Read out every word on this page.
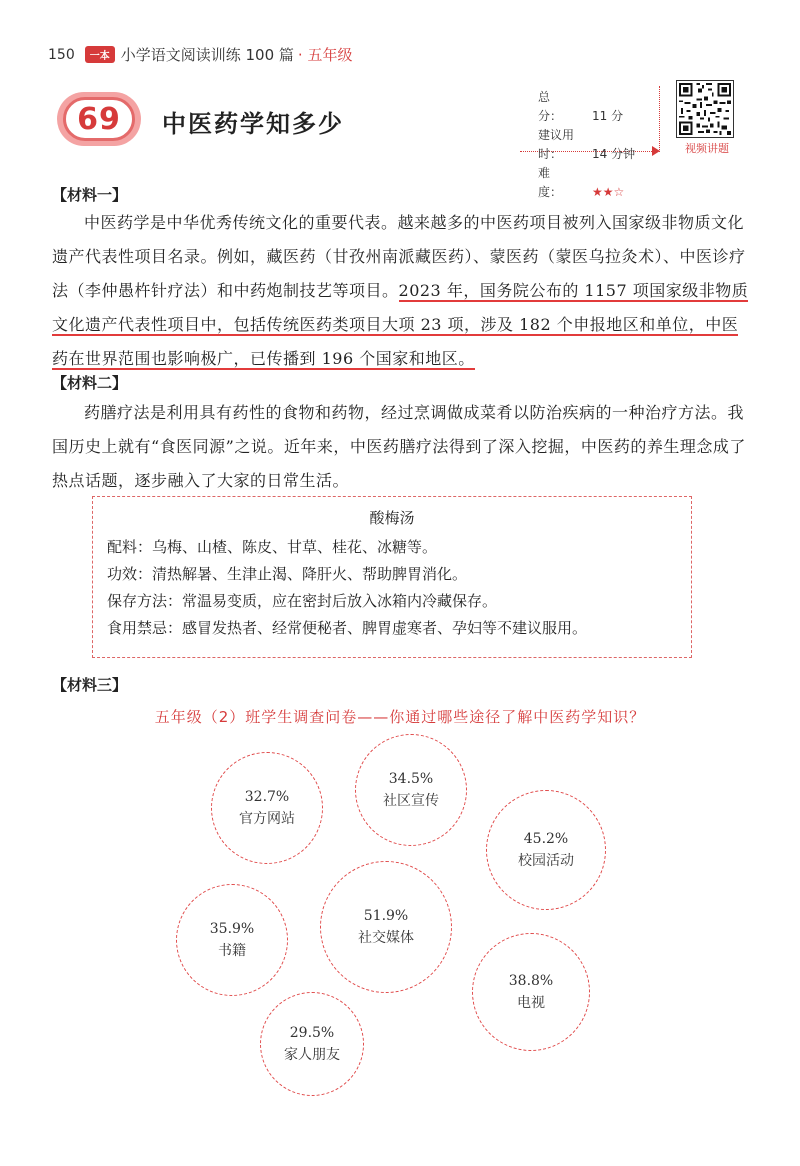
150	一本 小学语文阅读训练 100 篇 · 五年级
69 中医药学知多少
总　　分： 11 分
建议用时： 14 分钟
难　　度： ★★☆
视频讲题
【材料一】
中医药学是中华优秀传统文化的重要代表。越来越多的中医药项目被列入国家级非物质文化遗产代表性项目名录。例如，藏医药（甘孜州南派藏医药）、蒙医药（蒙医乌拉灸术）、中医诊疗法（李仲愚杵针疗法）和中药炮制技艺等项目。2023 年，国务院公布的 1157 项国家级非物质文化遗产代表性项目中，包括传统医药类项目大项 23 项，涉及 182 个申报地区和单位，中医药在世界范围也影响极广，已传播到 196 个国家和地区。
【材料二】
药膳疗法是利用具有药性的食物和药物，经过烹调做成菜肴以防治疾病的一种治疗方法。我国历史上就有“食医同源”之说。近年来，中医药膳疗法得到了深入挖掘，中医药的养生理念成了热点话题，逐步融入了大家的日常生活。
酸梅汤
配料：乌梅、山楂、陈皮、甘草、桂花、冰糖等。
功效：清热解暑、生津止渴、降肝火、帮助脾胃消化。
保存方法：常温易变质，应在密封后放入冰箱内冷藏保存。
食用禁忌：感冒发热者、经常便秘者、脾胃虚寒者、孕妇等不建议服用。
【材料三】
五年级（2）班学生调查问卷——你通过哪些途径了解中医药学知识？
32.7%
官方网站
34.5%
社区宣传
45.2%
校园活动
35.9%
书籍
51.9%
社交媒体
38.8%
电视
29.5%
家人朋友
